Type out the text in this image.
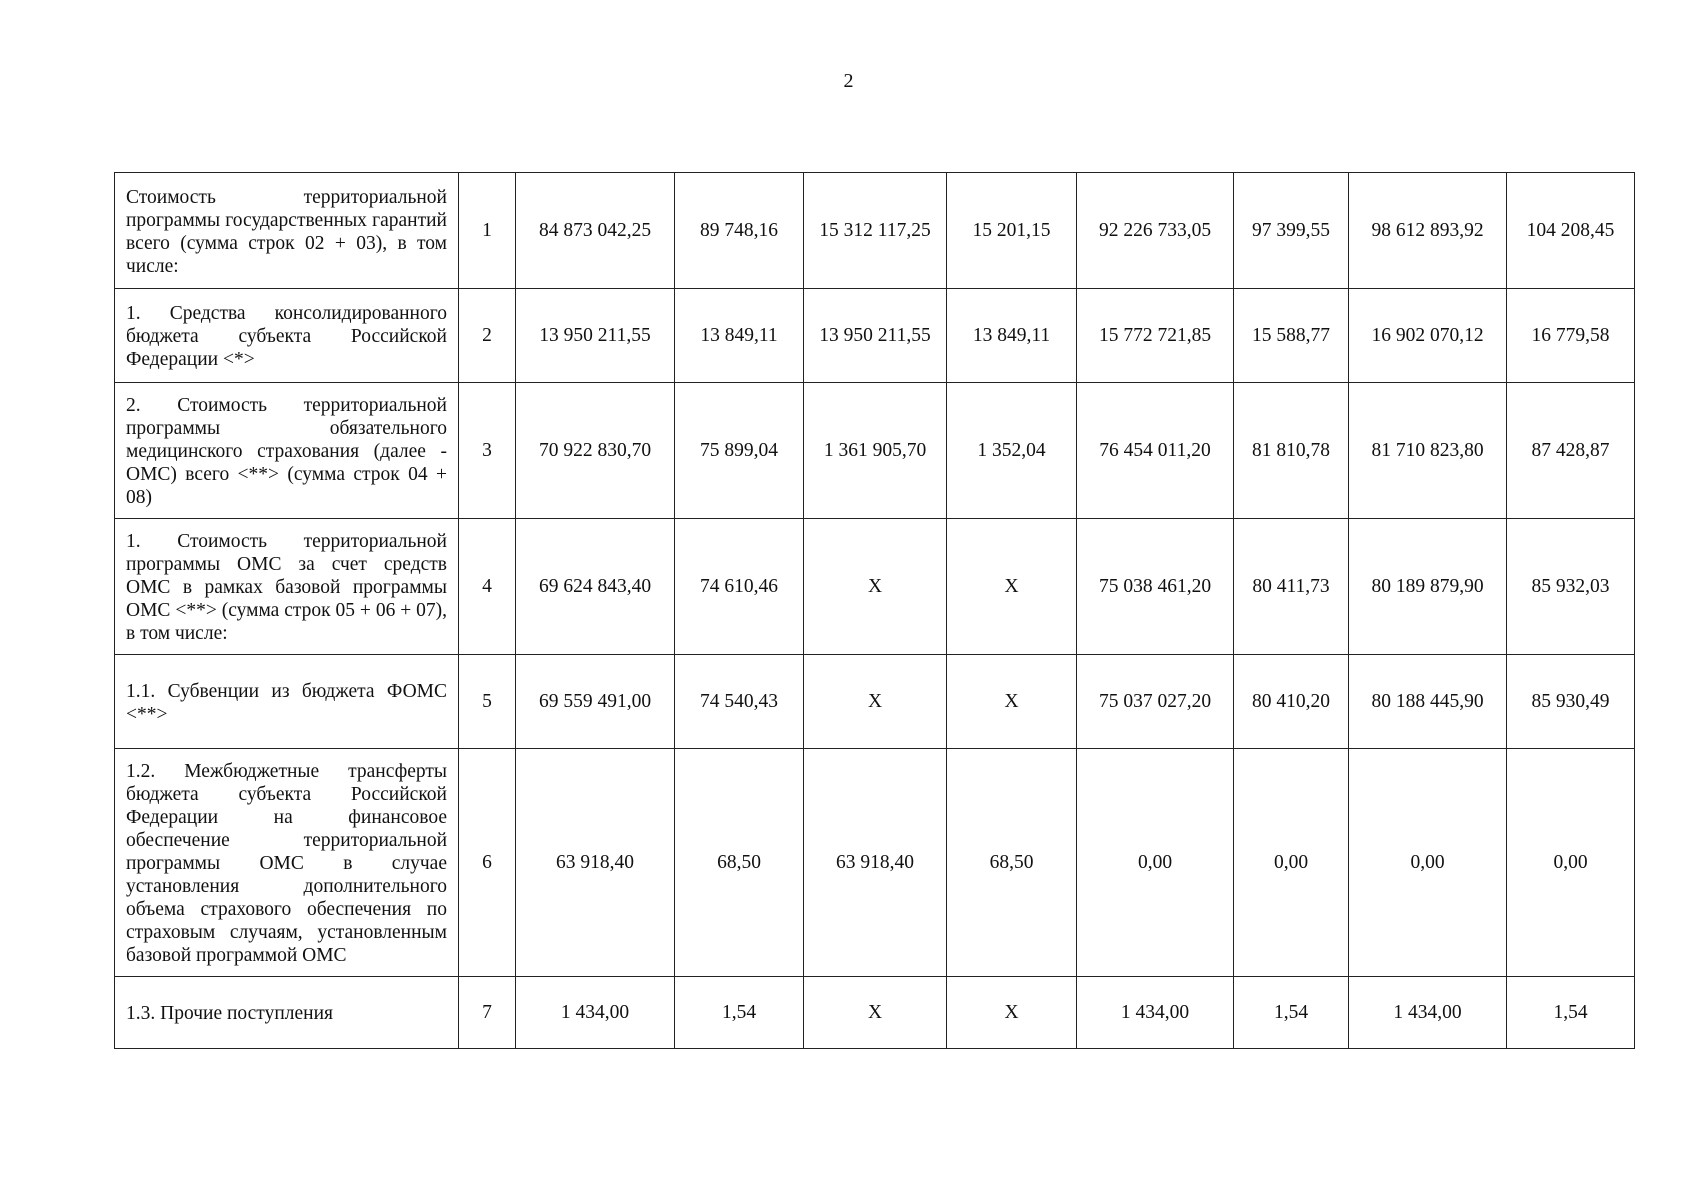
2
Стоимость территориальной программы государственных гарантий всего (сумма строк 02 + 03), в том числе:	1	84 873 042,25	89 748,16	15 312 117,25	15 201,15	92 226 733,05	97 399,55	98 612 893,92	104 208,45
1. Средства консолидированного бюджета субъекта Российской Федерации <*>	2	13 950 211,55	13 849,11	13 950 211,55	13 849,11	15 772 721,85	15 588,77	16 902 070,12	16 779,58
2. Стоимость территориальной программы обязательного медицинского страхования (далее - ОМС) всего <**> (сумма строк 04 + 08)	3	70 922 830,70	75 899,04	1 361 905,70	1 352,04	76 454 011,20	81 810,78	81 710 823,80	87 428,87
1. Стоимость территориальной программы ОМС за счет средств ОМС в рамках базовой программы ОМС <**> (сумма строк 05 + 06 + 07), в том числе:	4	69 624 843,40	74 610,46	X	X	75 038 461,20	80 411,73	80 189 879,90	85 932,03
1.1. Субвенции из бюджета ФОМС <**>	5	69 559 491,00	74 540,43	X	X	75 037 027,20	80 410,20	80 188 445,90	85 930,49
1.2. Межбюджетные трансферты бюджета субъекта Российской Федерации на финансовое обеспечение территориальной программы ОМС в случае установления дополнительного объема страхового обеспечения по страховым случаям, установленным базовой программой ОМС	6	63 918,40	68,50	63 918,40	68,50	0,00	0,00	0,00	0,00
1.3. Прочие поступления	7	1 434,00	1,54	X	X	1 434,00	1,54	1 434,00	1,54
